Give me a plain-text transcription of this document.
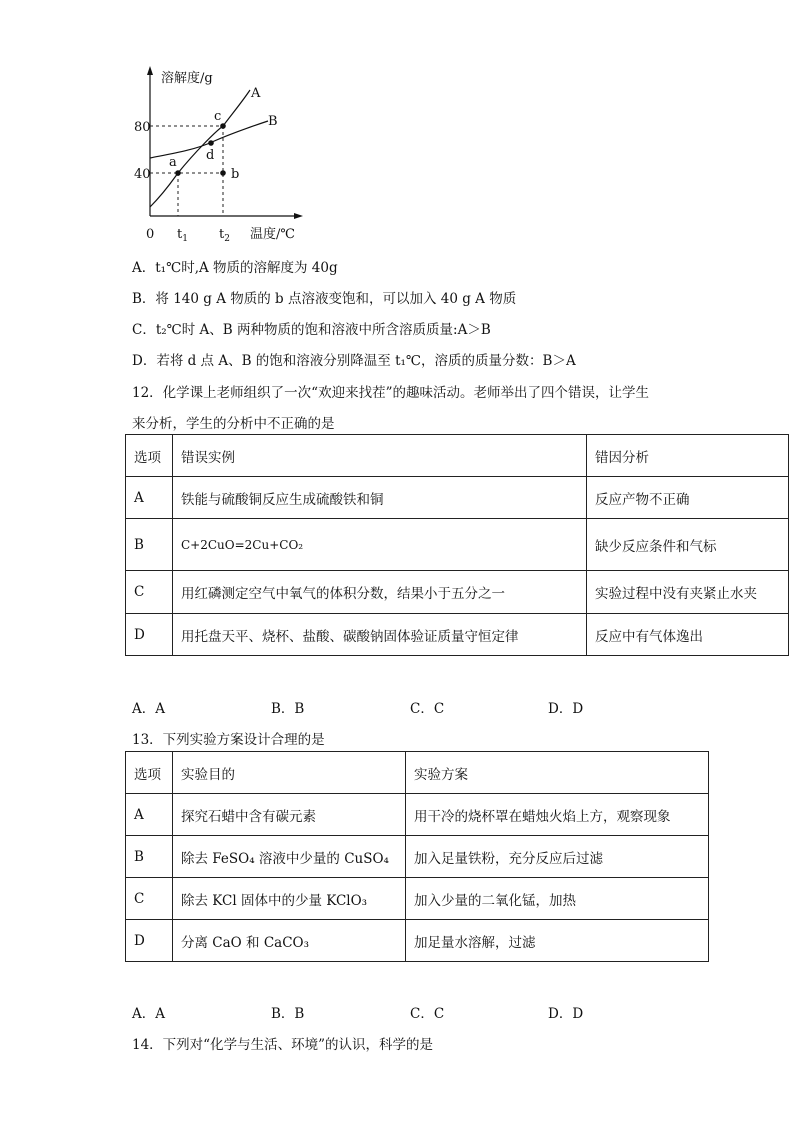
溶解度/g
温度/℃
0
80
40
$t_1$ $t_2$
A
B
a
b
c
d
A．t₁℃时,A 物质的溶解度为 40g
B．将 140 g A 物质的 b 点溶液变饱和，可以加入 40 g A 物质
C．t₂℃时 A、B 两种物质的饱和溶液中所含溶质质量:A＞B
D．若将 d 点 A、B 的饱和溶液分别降温至 t₁℃，溶质的质量分数：B＞A
12．化学课上老师组织了一次“欢迎来找茬”的趣味活动。老师举出了四个错误，让学生
来分析，学生的分析中不正确的是
选项	错误实例	错因分析
A	铁能与硫酸铜反应生成硫酸铁和铜	反应产物不正确
B	C+2CuO=2Cu+CO₂	缺少反应条件和气标
C	用红磷测定空气中氧气的体积分数，结果小于五分之一	实验过程中没有夹紧止水夹
D	用托盘天平、烧杯、盐酸、碳酸钠固体验证质量守恒定律	反应中有气体逸出
A．A	B．B	C．C	D．D
13．下列实验方案设计合理的是
选项	实验目的	实验方案
A	探究石蜡中含有碳元素	用干冷的烧杯罩在蜡烛火焰上方，观察现象
B	除去 FeSO₄ 溶液中少量的 CuSO₄	加入足量铁粉，充分反应后过滤
C	除去 KCl 固体中的少量 KClO₃	加入少量的二氧化锰，加热
D	分离 CaO 和 CaCO₃	加足量水溶解，过滤
A．A	B．B	C．C	D．D
14．下列对“化学与生活、环境”的认识，科学的是
